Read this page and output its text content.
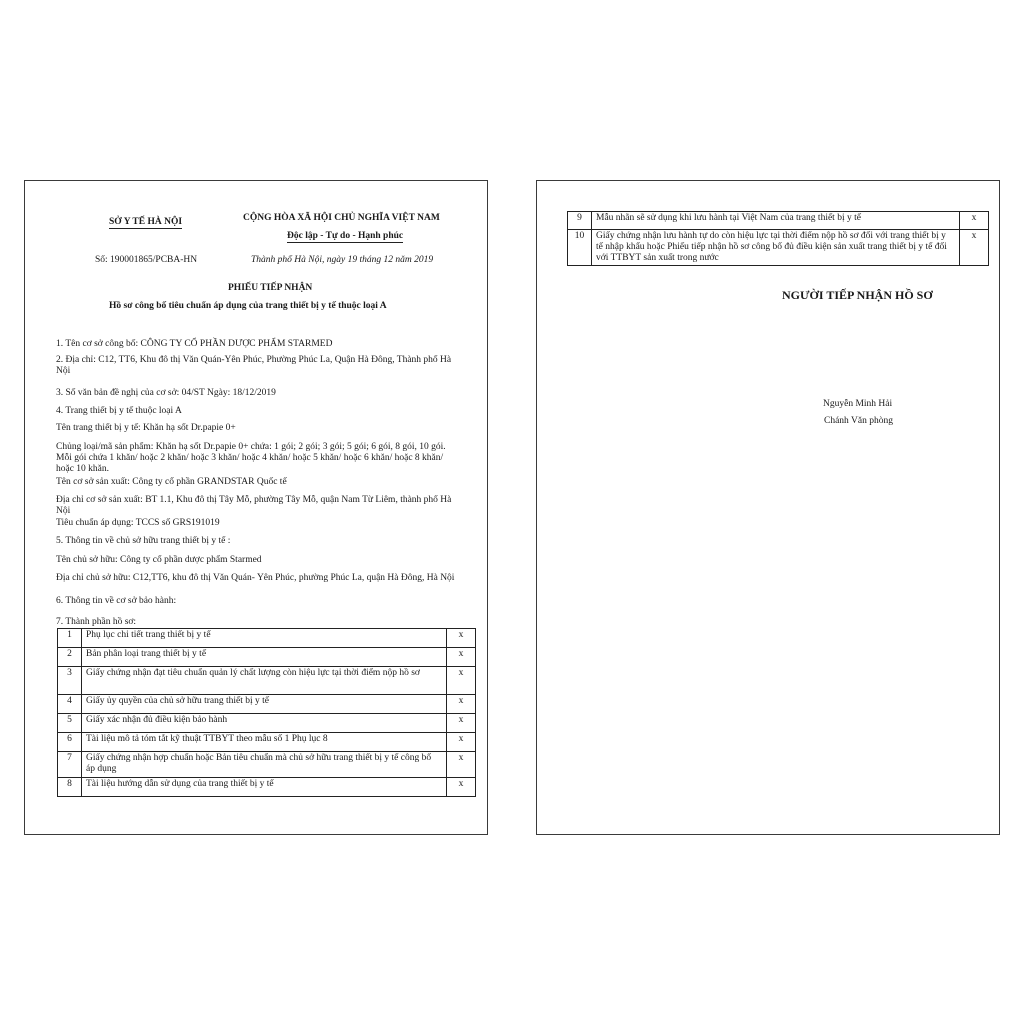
SỞ Y TẾ HÀ NỘI	CỘNG HÒA XÃ HỘI CHỦ NGHĨA VIỆT NAM
Độc lập - Tự do - Hạnh phúc
Số: 190001865/PCBA-HN	Thành phố Hà Nội, ngày 19 tháng 12 năm 2019
PHIẾU TIẾP NHẬN
Hồ sơ công bố tiêu chuẩn áp dụng của trang thiết bị y tế thuộc loại A
1. Tên cơ sở công bố: CÔNG TY CỔ PHẦN DƯỢC PHẨM STARMED
2. Địa chỉ: C12, TT6, Khu đô thị Văn Quán-Yên Phúc, Phường Phúc La, Quận Hà Đông, Thành phố Hà Nội
3. Số văn bản đề nghị của cơ sở: 04/ST Ngày: 18/12/2019
4. Trang thiết bị y tế thuộc loại A
Tên trang thiết bị y tế: Khăn hạ sốt Dr.papie 0+
Chủng loại/mã sản phẩm: Khăn hạ sốt Dr.papie 0+ chứa: 1 gói; 2 gói; 3 gói; 5 gói; 6 gói, 8 gói, 10 gói. Mỗi gói chứa 1 khăn/ hoặc 2 khăn/ hoặc 3 khăn/ hoặc 4 khăn/ hoặc 5 khăn/ hoặc 6 khăn/ hoặc 8 khăn/ hoặc 10 khăn.
Tên cơ sở sản xuất: Công ty cổ phần GRANDSTAR Quốc tế
Địa chỉ cơ sở sản xuất: BT 1.1, Khu đô thị Tây Mỗ, phường Tây Mỗ, quận Nam Từ Liêm, thành phố Hà Nội
Tiêu chuẩn áp dụng: TCCS số GRS191019
5. Thông tin về chủ sở hữu trang thiết bị y tế :
Tên chủ sở hữu: Công ty cổ phần dược phẩm Starmed
Địa chỉ chủ sở hữu: C12,TT6, khu đô thị Văn Quán- Yên Phúc, phường Phúc La, quận Hà Đông, Hà Nội
6. Thông tin về cơ sở bảo hành:
7. Thành phần hồ sơ:
1	Phụ lục chi tiết trang thiết bị y tế	x
2	Bản phân loại trang thiết bị y tế	x
3	Giấy chứng nhận đạt tiêu chuẩn quản lý chất lượng còn hiệu lực tại thời điểm nộp hồ sơ	x
4	Giấy ủy quyền của chủ sở hữu trang thiết bị y tế	x
5	Giấy xác nhận đủ điều kiện bảo hành	x
6	Tài liệu mô tả tóm tắt kỹ thuật TTBYT theo mẫu số 1 Phụ lục 8	x
7	Giấy chứng nhận hợp chuẩn hoặc Bản tiêu chuẩn mà chủ sở hữu trang thiết bị y tế công bố áp dụng	x
8	Tài liệu hướng dẫn sử dụng của trang thiết bị y tế	x
9	Mẫu nhãn sẽ sử dụng khi lưu hành tại Việt Nam của trang thiết bị y tế	x
10	Giấy chứng nhận lưu hành tự do còn hiệu lực tại thời điểm nộp hồ sơ đối với trang thiết bị y tế nhập khẩu hoặc Phiếu tiếp nhận hồ sơ công bố đủ điều kiện sản xuất trang thiết bị y tế đối với TTBYT sản xuất trong nước	x
NGƯỜI TIẾP NHẬN HỒ SƠ
Nguyễn Minh Hải
Chánh Văn phòng
